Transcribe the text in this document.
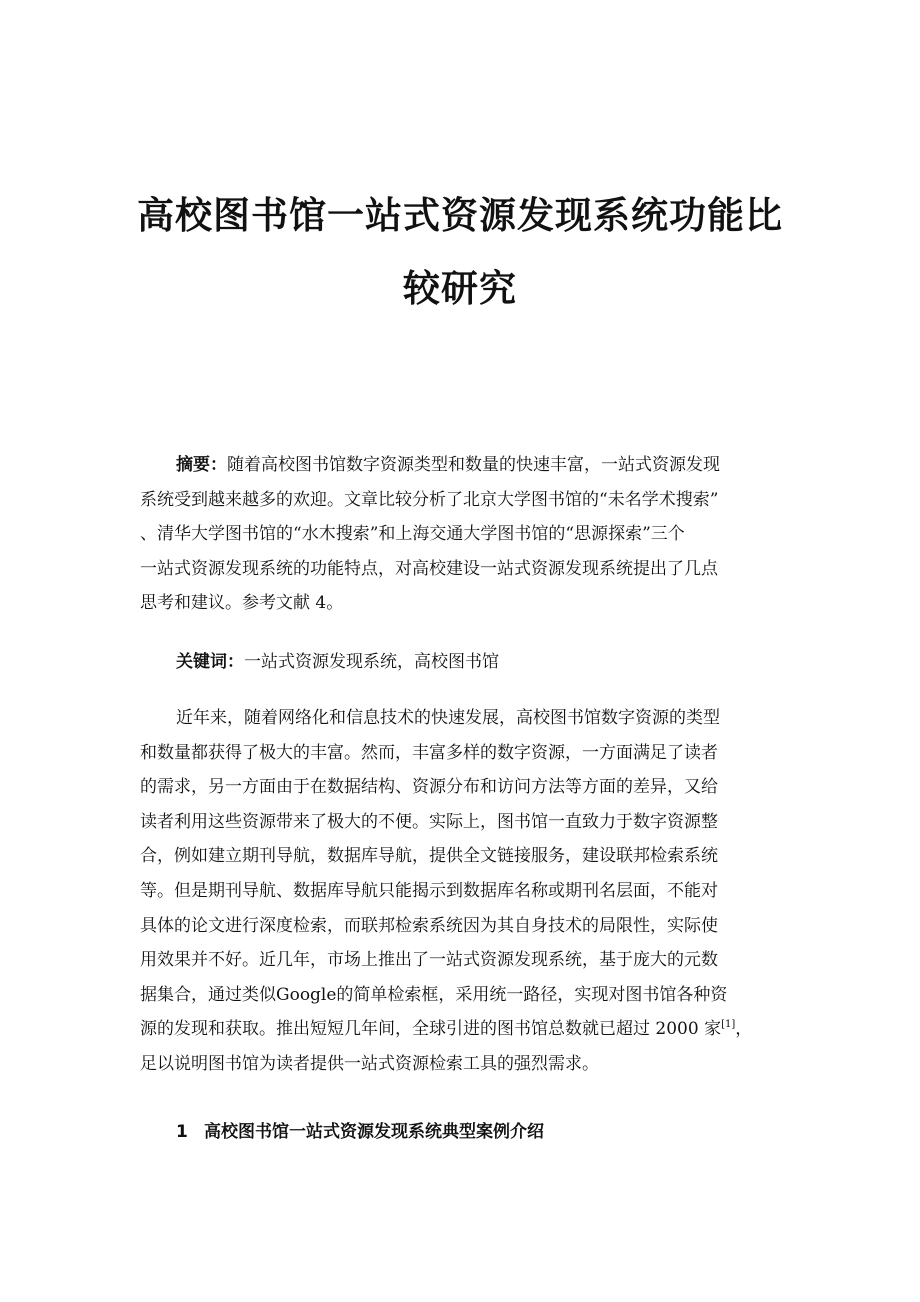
高校图书馆一站式资源发现系统功能比
较研究
摘要：随着高校图书馆数字资源类型和数量的快速丰富，一站式资源发现
系统受到越来越多的欢迎。文章比较分析了北京大学图书馆的“未名学术搜索”
、清华大学图书馆的“水木搜索”和上海交通大学图书馆的“思源探索”三个
一站式资源发现系统的功能特点，对高校建设一站式资源发现系统提出了几点
思考和建议。参考文献 4。
关键词：一站式资源发现系统，高校图书馆
近年来，随着网络化和信息技术的快速发展，高校图书馆数字资源的类型
和数量都获得了极大的丰富。然而，丰富多样的数字资源，一方面满足了读者
的需求，另一方面由于在数据结构、资源分布和访问方法等方面的差异，又给
读者利用这些资源带来了极大的不便。实际上，图书馆一直致力于数字资源整
合，例如建立期刊导航，数据库导航，提供全文链接服务，建设联邦检索系统
等。但是期刊导航、数据库导航只能揭示到数据库名称或期刊名层面，不能对
具体的论文进行深度检索，而联邦检索系统因为其自身技术的局限性，实际使
用效果并不好。近几年，市场上推出了一站式资源发现系统，基于庞大的元数
据集合，通过类似Google的简单检索框，采用统一路径，实现对图书馆各种资
源的发现和获取。推出短短几年间，全球引进的图书馆总数就已超过 2000 家[1]，
足以说明图书馆为读者提供一站式资源检索工具的强烈需求。
1 高校图书馆一站式资源发现系统典型案例介绍
